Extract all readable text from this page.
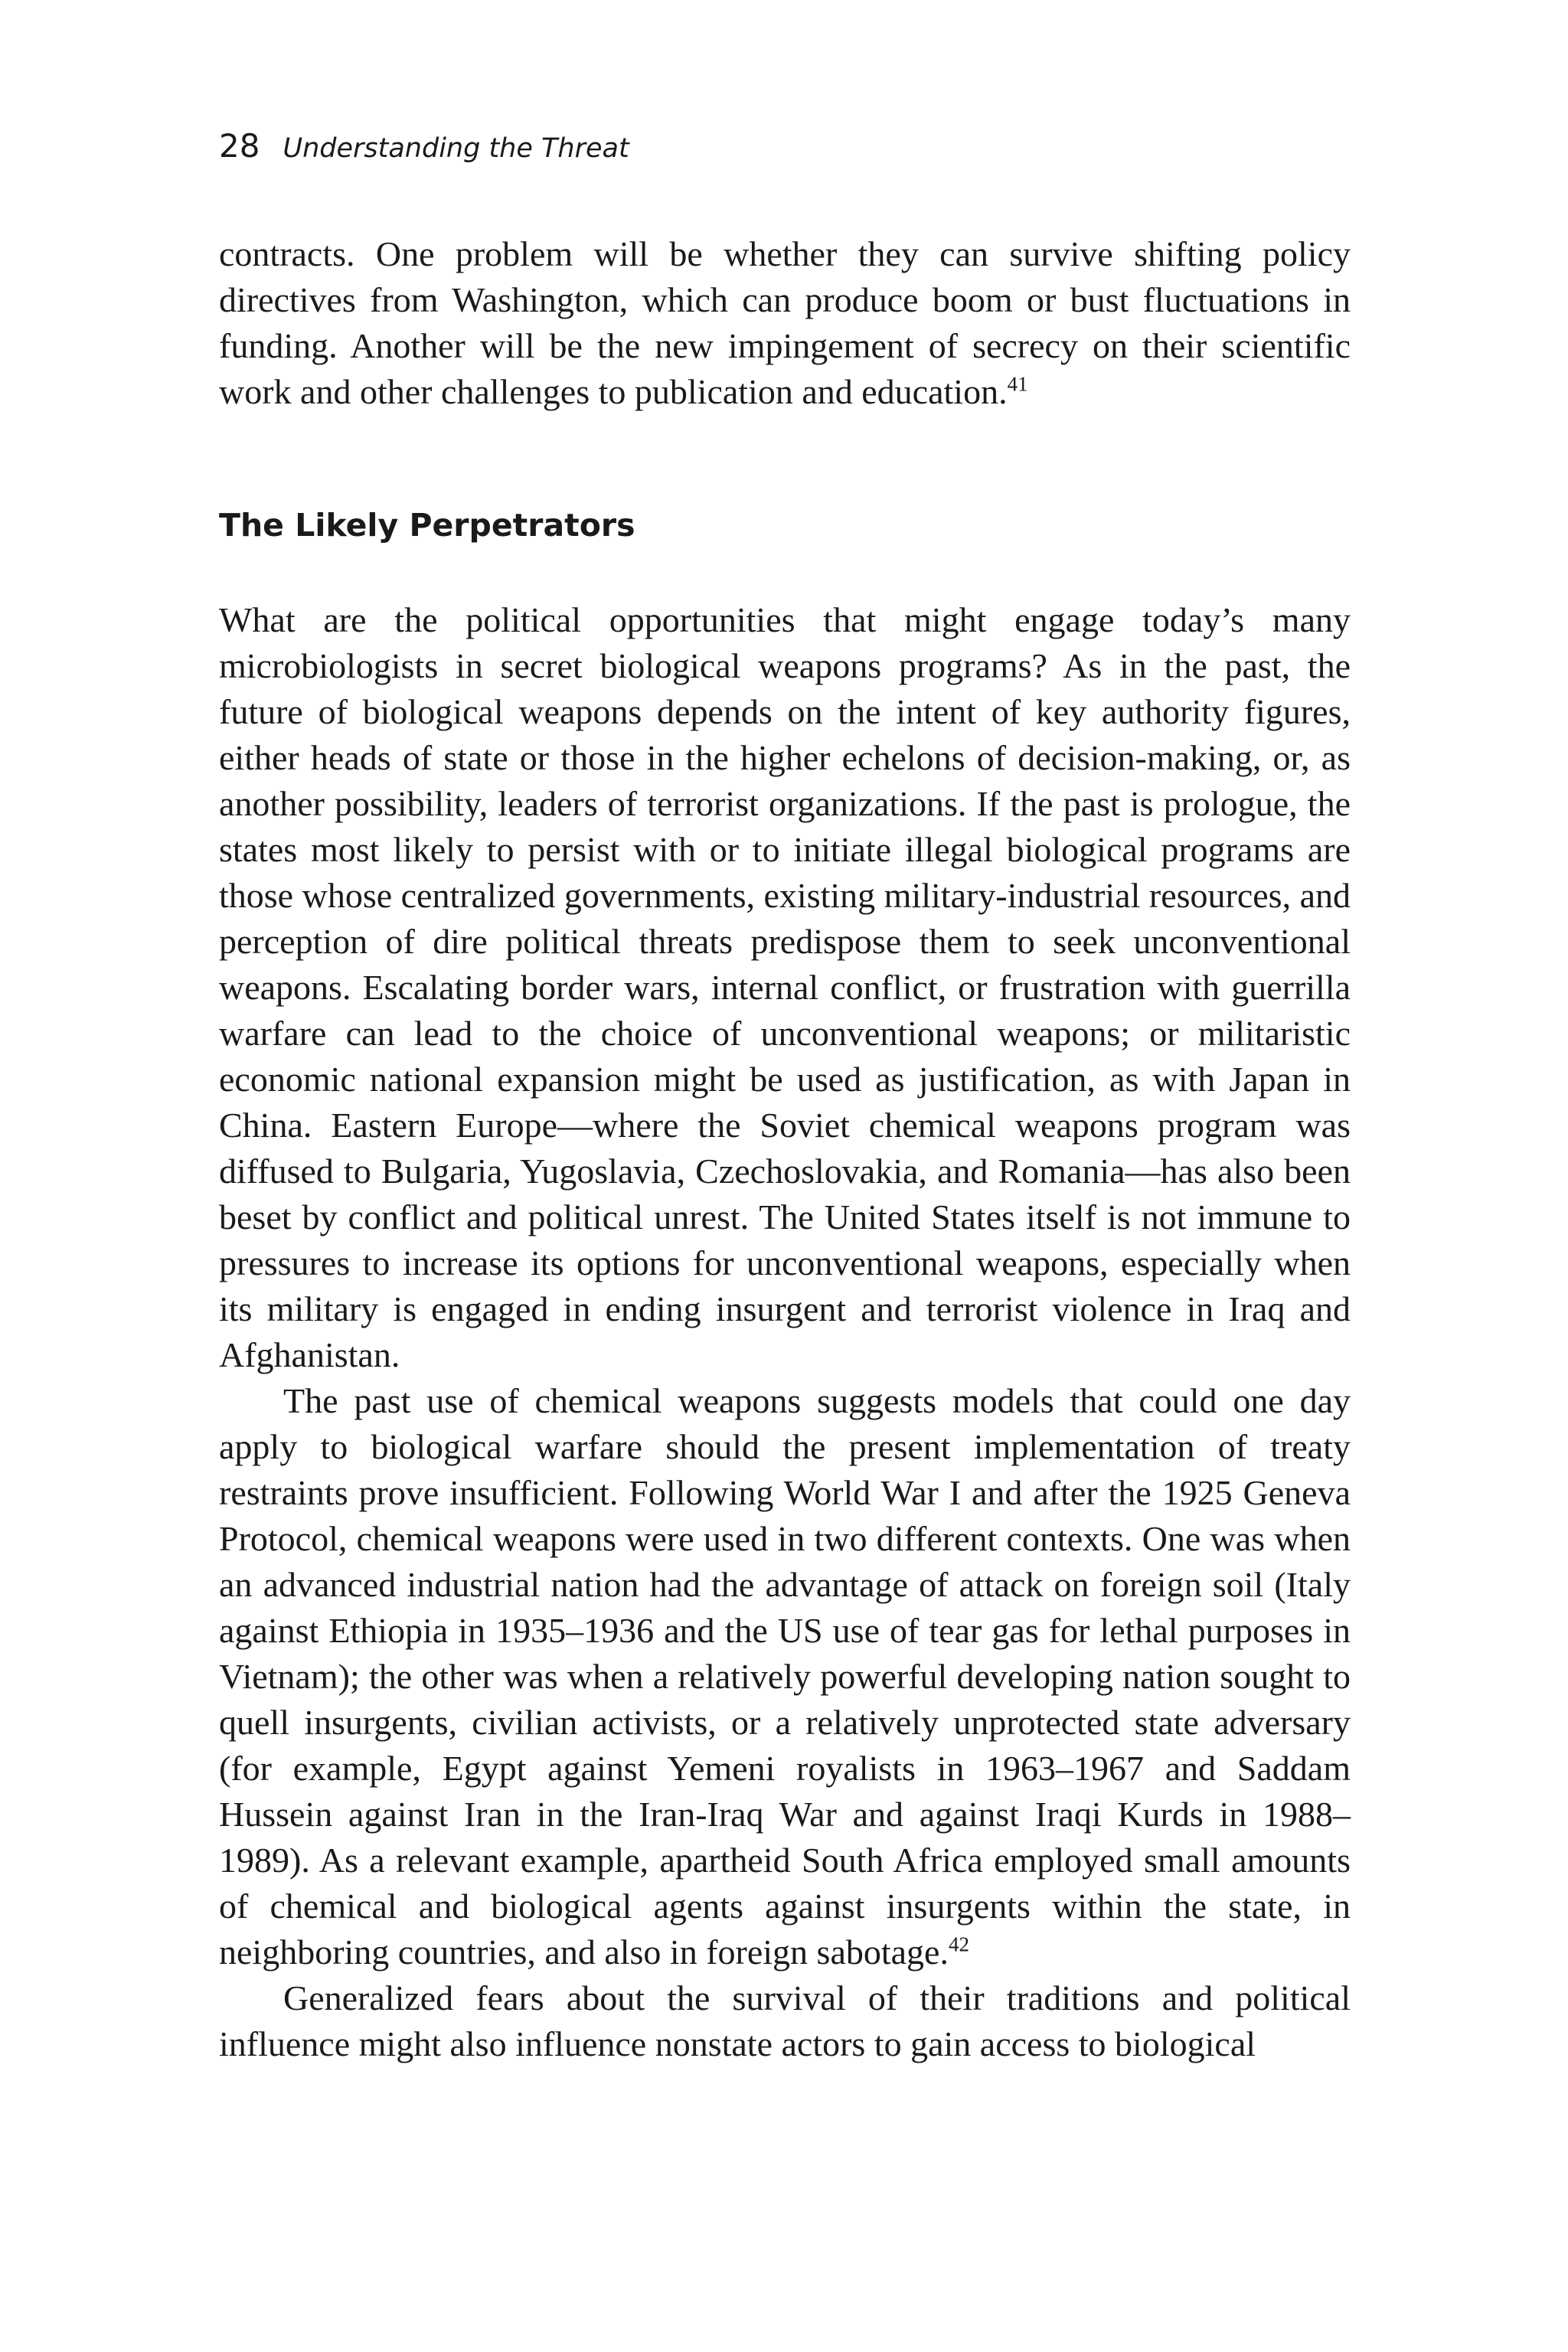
28 Understanding the Threat

contracts. One problem will be whether they can survive shifting policy directives from Washington, which can produce boom or bust fluctuations in funding. Another will be the new impingement of secrecy on their scientific work and other challenges to publication and education.$^{41}$

The Likely Perpetrators

What are the political opportunities that might engage today’s many microbiologists in secret biological weapons programs? As in the past, the future of biological weapons depends on the intent of key authority figures, either heads of state or those in the higher echelons of decision-making, or, as another possibility, leaders of terrorist organizations. If the past is prologue, the states most likely to persist with or to initiate illegal biological programs are those whose centralized governments, existing military-industrial resources, and perception of dire political threats predispose them to seek unconventional weapons. Escalating border wars, internal conflict, or frustration with guerrilla warfare can lead to the choice of unconventional weapons; or militaristic economic national expansion might be used as justification, as with Japan in China. Eastern Europe—where the Soviet chemical weapons program was diffused to Bulgaria, Yugoslavia, Czechoslovakia, and Romania—has also been beset by conflict and political unrest. The United States itself is not immune to pressures to increase its options for unconventional weapons, especially when its military is engaged in ending insurgent and terrorist violence in Iraq and Afghanistan.

The past use of chemical weapons suggests models that could one day apply to biological warfare should the present implementation of treaty restraints prove insufficient. Following World War I and after the 1925 Geneva Protocol, chemical weapons were used in two different contexts. One was when an advanced industrial nation had the advantage of attack on foreign soil (Italy against Ethiopia in 1935–1936 and the US use of tear gas for lethal purposes in Vietnam); the other was when a relatively powerful developing nation sought to quell insurgents, civilian activists, or a relatively unprotected state adversary (for example, Egypt against Yemeni royalists in 1963–1967 and Saddam Hussein against Iran in the Iran-Iraq War and against Iraqi Kurds in 1988–1989). As a relevant example, apartheid South Africa employed small amounts of chemical and biological agents against insurgents within the state, in neighboring countries, and also in foreign sabotage.$^{42}$

Generalized fears about the survival of their traditions and political influence might also influence nonstate actors to gain access to biological
